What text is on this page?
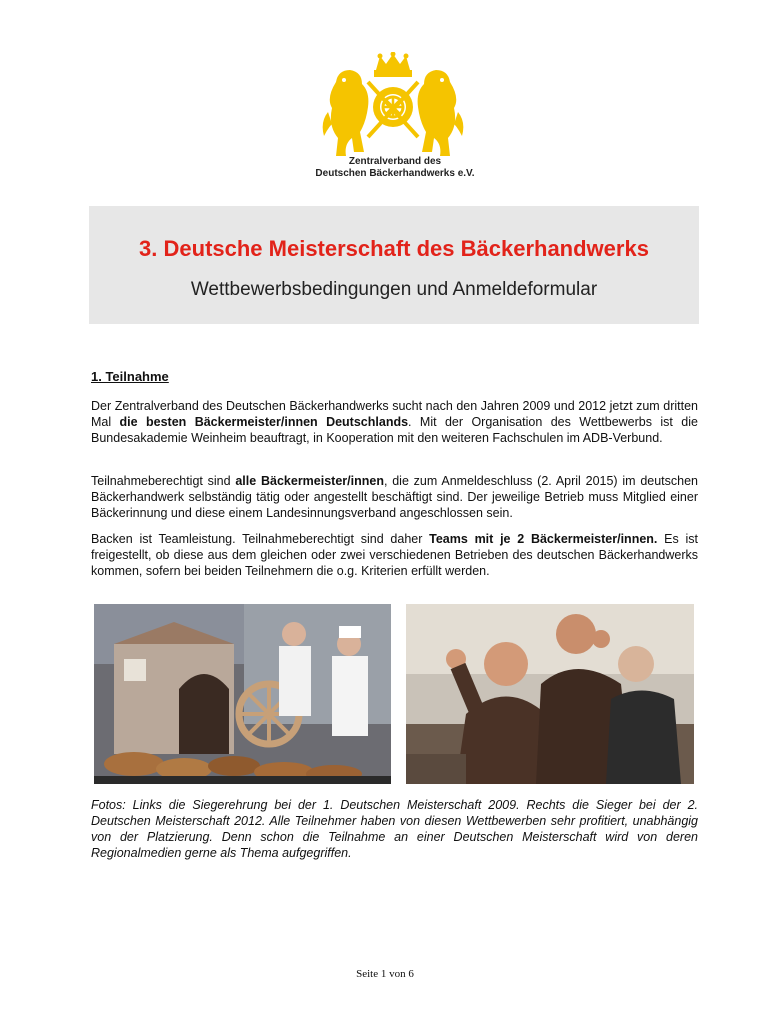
Zentralverband des
Deutschen Bäckerhandwerks e.V.
3. Deutsche Meisterschaft des Bäckerhandwerks
Wettbewerbsbedingungen und Anmeldeformular
1. Teilnahme

Der Zentralverband des Deutschen Bäckerhandwerks sucht nach den Jahren 2009 und 2012 jetzt zum dritten Mal die besten Bäckermeister/innen Deutschlands. Mit der Organisation des Wettbewerbs ist die Bundesakademie Weinheim beauftragt, in Kooperation mit den weiteren Fachschulen im ADB-Verbund.

Teilnahmeberechtigt sind alle Bäckermeister/innen, die zum Anmeldeschluss (2. April 2015) im deutschen Bäckerhandwerk selbständig tätig oder angestellt beschäftigt sind. Der jeweilige Betrieb muss Mitglied einer Bäckerinnung und diese einem Landesinnungsverband angeschlossen sein.

Backen ist Teamleistung. Teilnahmeberechtigt sind daher Teams mit je 2 Bäckermeister/innen. Es ist freigestellt, ob diese aus dem gleichen oder zwei verschiedenen Betrieben des deutschen Bäckerhandwerks kommen, sofern bei beiden Teilnehmern die o.g. Kriterien erfüllt werden.

Fotos: Links die Siegerehrung bei der 1. Deutschen Meisterschaft 2009. Rechts die Sieger bei der 2. Deutschen Meisterschaft 2012. Alle Teilnehmer haben von diesen Wettbewerben sehr profitiert, unabhängig von der Platzierung. Denn schon die Teilnahme an einer Deutschen Meisterschaft wird von deren Regionalmedien gerne als Thema aufgegriffen.

Seite 1 von 6
